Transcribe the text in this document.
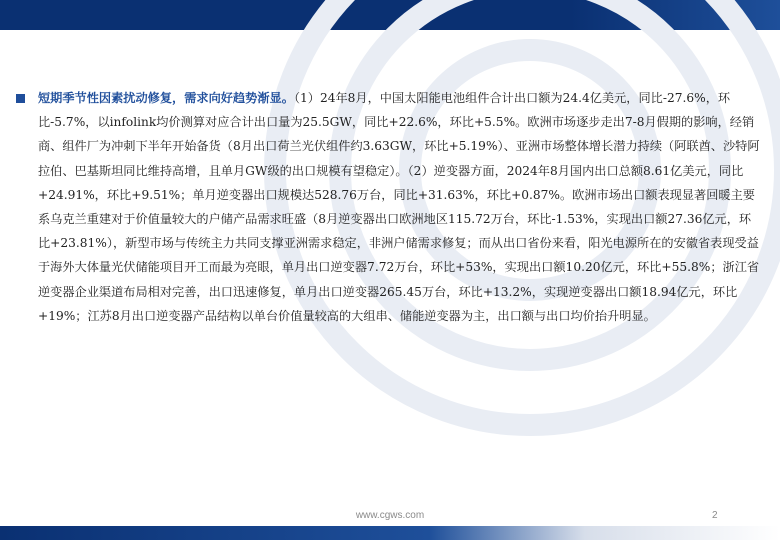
短期季节性因素扰动修复，需求向好趋势渐显。（1）24年8月，中国太阳能电池组件合计出口额为24.4亿美元，同比-27.6%，环比-5.7%，以infolink均价测算对应合计出口量为25.5GW，同比+22.6%，环比+5.5%。欧洲市场逐步走出7-8月假期的影响，经销商、组件厂为冲刺下半年开始备货（8月出口荷兰光伏组件约3.63GW，环比+5.19%）、亚洲市场整体增长潜力持续（阿联酋、沙特阿拉伯、巴基斯坦同比维持高增，且单月GW级的出口规模有望稳定）。（2）逆变器方面，2024年8月国内出口总额8.61亿美元，同比+24.91%，环比+9.51%；单月逆变器出口规模达528.76万台，同比+31.63%，环比+0.87%。欧洲市场出口额表现显著回暖主要系乌克兰重建对于价值量较大的户储产品需求旺盛（8月逆变器出口欧洲地区115.72万台，环比-1.53%，实现出口额27.36亿元，环比+23.81%），新型市场与传统主力共同支撑亚洲需求稳定，非洲户储需求修复；而从出口省份来看，阳光电源所在的安徽省表现受益于海外大体量光伏储能项目开工而最为亮眼，单月出口逆变器7.72万台，环比+53%，实现出口额10.20亿元，环比+55.8%；浙江省逆变器企业渠道布局相对完善，出口迅速修复，单月出口逆变器265.45万台，环比+13.2%，实现逆变器出口额18.94亿元，环比+19%；江苏8月出口逆变器产品结构以单台价值量较高的大组串、储能逆变器为主，出口额与出口均价抬升明显。

www.cgws.com	2
